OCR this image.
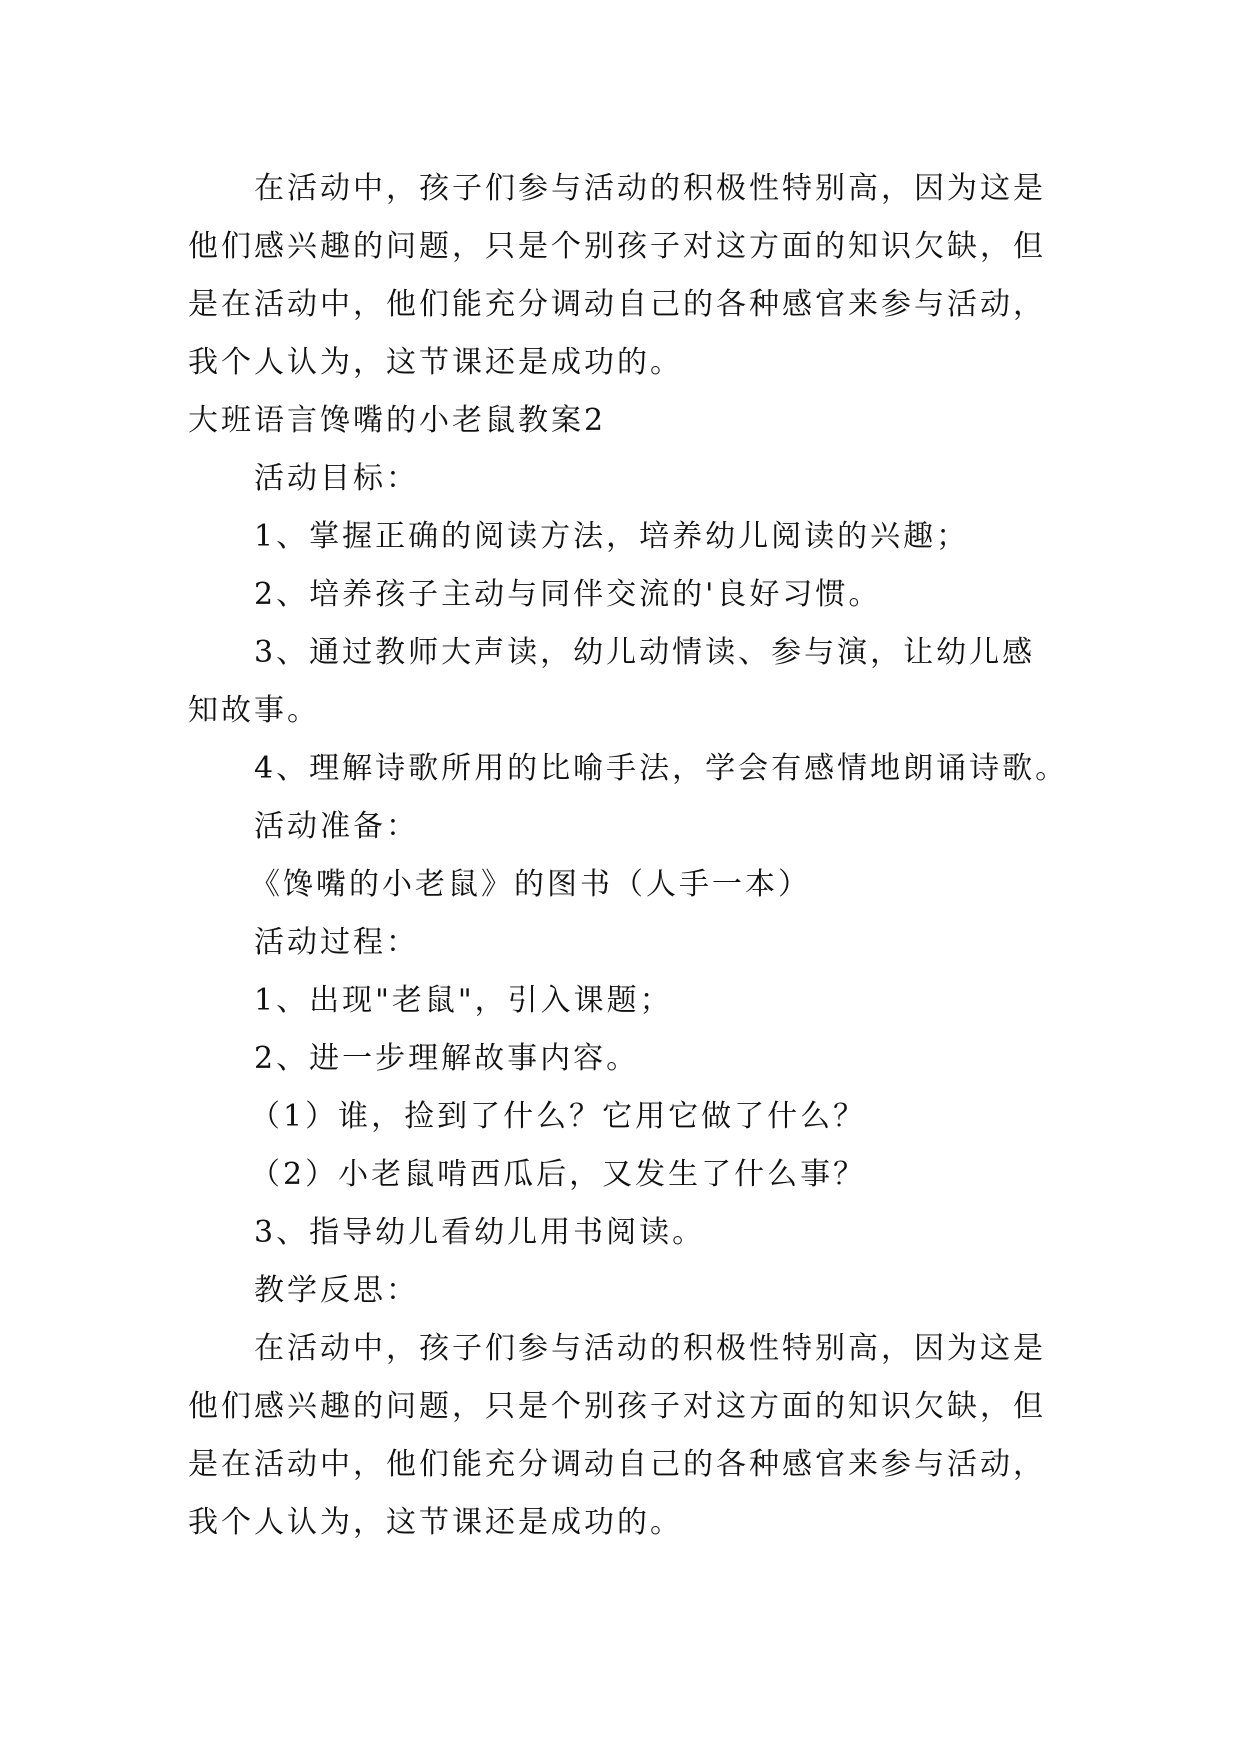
在活动中，孩子们参与活动的积极性特别高，因为这是
他们感兴趣的问题，只是个别孩子对这方面的知识欠缺，但
是在活动中，他们能充分调动自己的各种感官来参与活动，
我个人认为，这节课还是成功的。
大班语言馋嘴的小老鼠教案2
活动目标：
1、掌握正确的阅读方法，培养幼儿阅读的兴趣；
2、培养孩子主动与同伴交流的'良好习惯。
3、通过教师大声读，幼儿动情读、参与演，让幼儿感
知故事。
4、理解诗歌所用的比喻手法，学会有感情地朗诵诗歌。
活动准备：
《馋嘴的小老鼠》的图书（人手一本）
活动过程：
1、出现"老鼠"，引入课题；
2、进一步理解故事内容。
（1）谁，捡到了什么？它用它做了什么？
（2）小老鼠啃西瓜后，又发生了什么事？
3、指导幼儿看幼儿用书阅读。
教学反思：
在活动中，孩子们参与活动的积极性特别高，因为这是
他们感兴趣的问题，只是个别孩子对这方面的知识欠缺，但
是在活动中，他们能充分调动自己的各种感官来参与活动，
我个人认为，这节课还是成功的。
